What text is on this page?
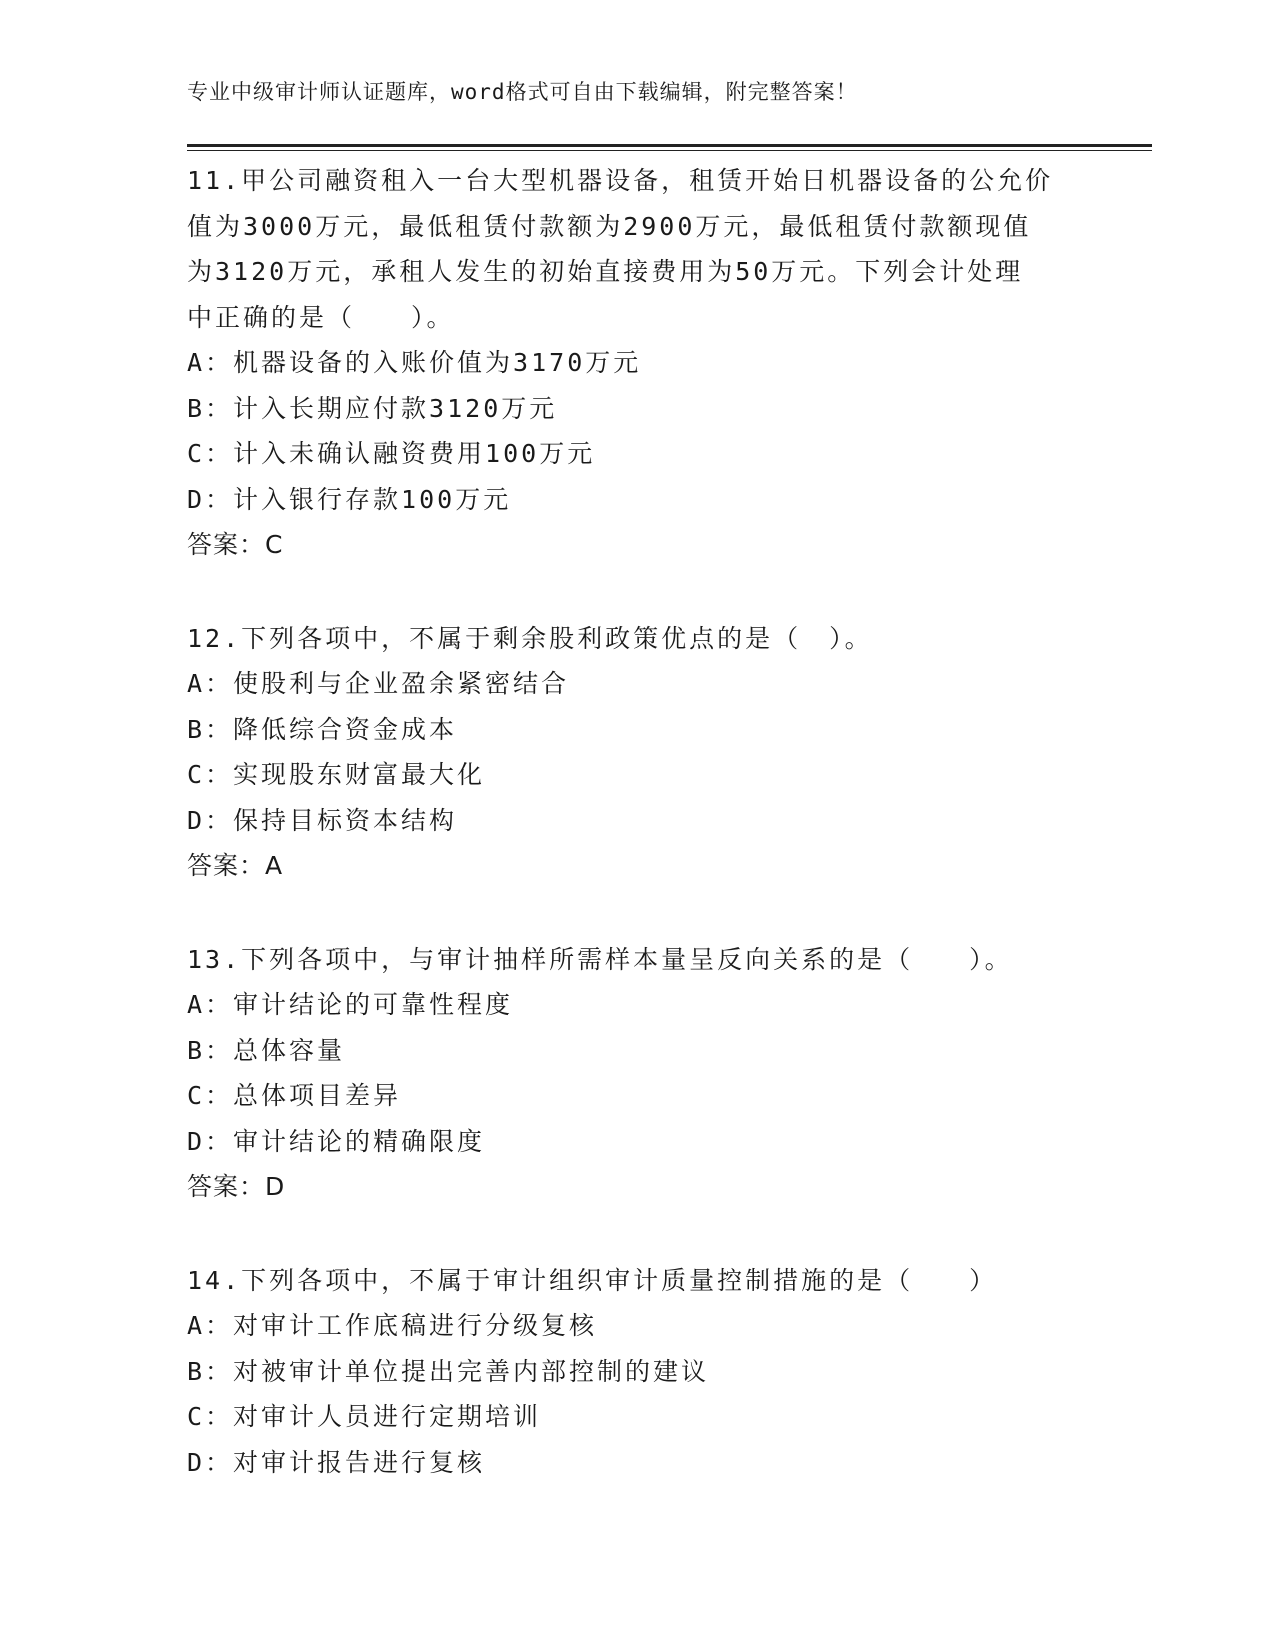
专业中级审计师认证题库，word格式可自由下载编辑，附完整答案！

11.甲公司融资租入一台大型机器设备，租赁开始日机器设备的公允价

值为3000万元，最低租赁付款额为2900万元，最低租赁付款额现值

为3120万元，承租人发生的初始直接费用为50万元。下列会计处理

中正确的是（　　）。

A：机器设备的入账价值为3170万元

B：计入长期应付款3120万元

C：计入未确认融资费用100万元

D：计入银行存款100万元

答案：C

12.下列各项中，不属于剩余股利政策优点的是（　）。

A：使股利与企业盈余紧密结合

B：降低综合资金成本

C：实现股东财富最大化

D：保持目标资本结构

答案：A

13.下列各项中，与审计抽样所需样本量呈反向关系的是（　　）。

A：审计结论的可靠性程度

B：总体容量

C：总体项目差异

D：审计结论的精确限度

答案：D

14.下列各项中，不属于审计组织审计质量控制措施的是（　　）

A：对审计工作底稿进行分级复核

B：对被审计单位提出完善内部控制的建议

C：对审计人员进行定期培训

D：对审计报告进行复核
